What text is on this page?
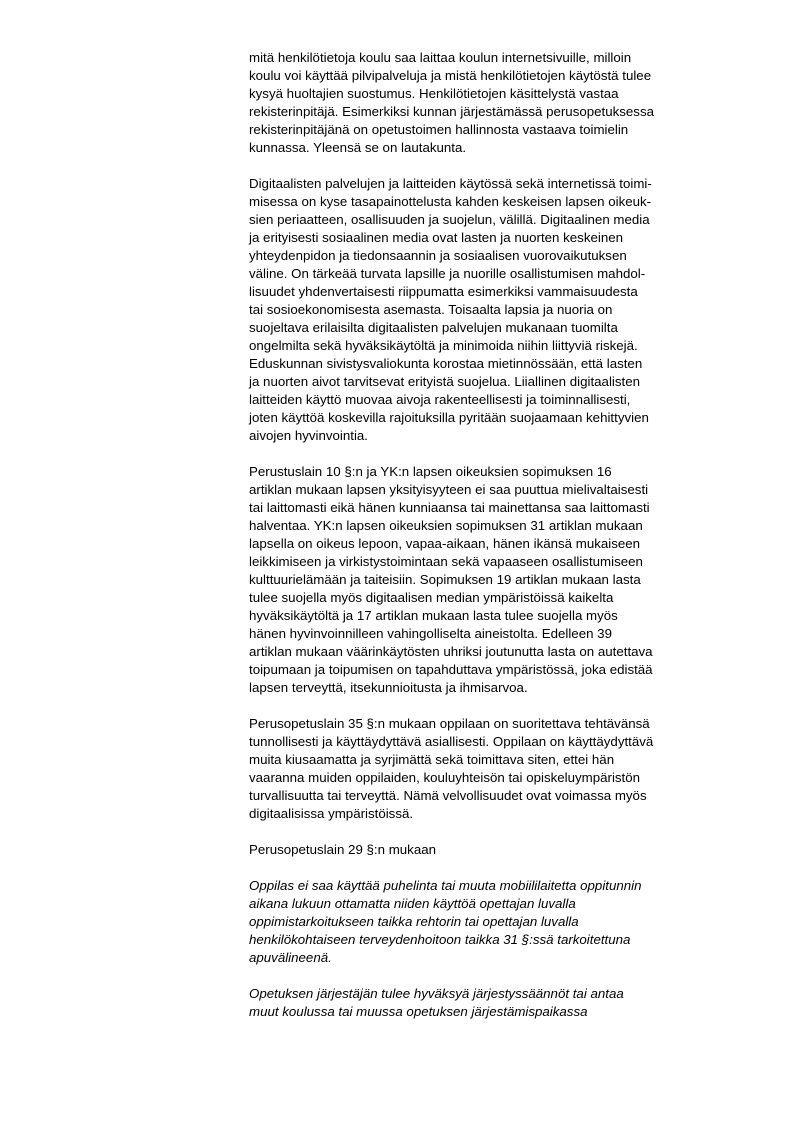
mitä henkilötietoja koulu saa laittaa koulun internetsivuille, milloin
koulu voi käyttää pilvipalveluja ja mistä henkilötietojen käytöstä tulee
kysyä huoltajien suostumus. Henkilötietojen käsittelystä vastaa
rekisterinpitäjä. Esimerkiksi kunnan järjestämässä perusopetuksessa
rekisterinpitäjänä on opetustoimen hallinnosta vastaava toimielin
kunnassa. Yleensä se on lautakunta.
Digitaalisten palvelujen ja laitteiden käytössä sekä internetissä toimi-
misessa on kyse tasapainottelusta kahden keskeisen lapsen oikeuk-
sien periaatteen, osallisuuden ja suojelun, välillä. Digitaalinen media
ja erityisesti sosiaalinen media ovat lasten ja nuorten keskeinen
yhteydenpidon ja tiedonsaannin ja sosiaalisen vuorovaikutuksen
väline. On tärkeää turvata lapsille ja nuorille osallistumisen mahdol-
lisuudet yhdenvertaisesti riippumatta esimerkiksi vammaisuudesta
tai sosioekonomisesta asemasta. Toisaalta lapsia ja nuoria on
suojeltava erilaisilta digitaalisten palvelujen mukanaan tuomilta
ongelmilta sekä hyväksikäytöltä ja minimoida niihin liittyviä riskejä.
Eduskunnan sivistysvaliokunta korostaa mietinnössään, että lasten
ja nuorten aivot tarvitsevat erityistä suojelua. Liiallinen digitaalisten
laitteiden käyttö muovaa aivoja rakenteellisesti ja toiminnallisesti,
joten käyttöä koskevilla rajoituksilla pyritään suojaamaan kehittyvien
aivojen hyvinvointia.
Perustuslain 10 §:n ja YK:n lapsen oikeuksien sopimuksen 16
artiklan mukaan lapsen yksityisyyteen ei saa puuttua mielivaltaisesti
tai laittomasti eikä hänen kunniaansa tai mainettansa saa laittomasti
halventaa. YK:n lapsen oikeuksien sopimuksen 31 artiklan mukaan
lapsella on oikeus lepoon, vapaa-aikaan, hänen ikänsä mukaiseen
leikkimiseen ja virkistystoimintaan sekä vapaaseen osallistumiseen
kulttuurielämään ja taiteisiin. Sopimuksen 19 artiklan mukaan lasta
tulee suojella myös digitaalisen median ympäristöissä kaikelta
hyväksikäytöltä ja 17 artiklan mukaan lasta tulee suojella myös
hänen hyvinvoinnilleen vahingolliselta aineistolta. Edelleen 39
artiklan mukaan väärinkäytösten uhriksi joutunutta lasta on autettava
toipumaan ja toipumisen on tapahduttava ympäristössä, joka edistää
lapsen terveyttä, itsekunnioitusta ja ihmisarvoa.
Perusopetuslain 35 §:n mukaan oppilaan on suoritettava tehtävänsä
tunnollisesti ja käyttäydyttävä asiallisesti. Oppilaan on käyttäydyttävä
muita kiusaamatta ja syrjimättä sekä toimittava siten, ettei hän
vaaranna muiden oppilaiden, kouluyhteisön tai opiskeluympäristön
turvallisuutta tai terveyttä. Nämä velvollisuudet ovat voimassa myös
digitaalisissa ympäristöissä.
Perusopetuslain 29 §:n mukaan
Oppilas ei saa käyttää puhelinta tai muuta mobiililaitetta oppitunnin
aikana lukuun ottamatta niiden käyttöä opettajan luvalla
oppimistarkoitukseen taikka rehtorin tai opettajan luvalla
henkilökohtaiseen terveydenhoitoon taikka 31 §:ssä tarkoitettuna
apuvälineenä.
Opetuksen järjestäjän tulee hyväksyä järjestyssäännöt tai antaa
muut koulussa tai muussa opetuksen järjestämispaikassa
